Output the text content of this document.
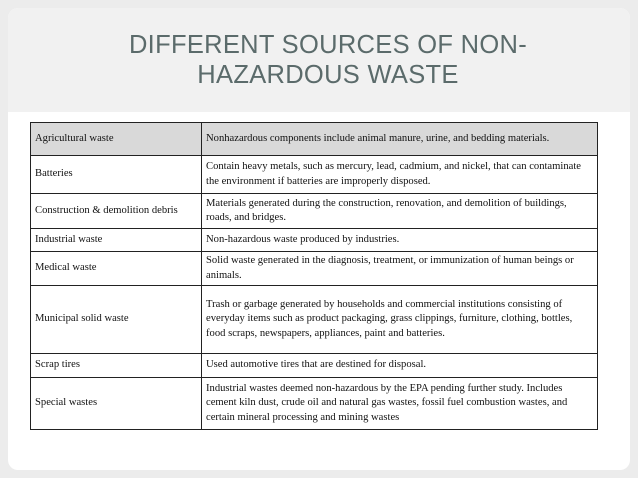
DIFFERENT SOURCES OF NON-
HAZARDOUS WASTE
Agricultural waste	Nonhazardous components include animal manure, urine, and bedding materials.
Batteries	Contain heavy metals, such as mercury, lead, cadmium, and nickel, that can contaminate the environment if batteries are improperly disposed.
Construction & demolition debris	Materials generated during the construction, renovation, and demolition of buildings, roads, and bridges.
Industrial waste	Non-hazardous waste produced by industries.
Medical waste	Solid waste generated in the diagnosis, treatment, or immunization of human beings or animals.
Municipal solid waste	Trash or garbage generated by households and commercial institutions consisting of everyday items such as product packaging, grass clippings, furniture, clothing, bottles, food scraps, newspapers, appliances, paint and batteries.
Scrap tires	Used automotive tires that are destined for disposal.
Special wastes	Industrial wastes deemed non-hazardous by the EPA pending further study. Includes cement kiln dust, crude oil and natural gas wastes, fossil fuel combustion wastes, and certain mineral processing and mining wastes
